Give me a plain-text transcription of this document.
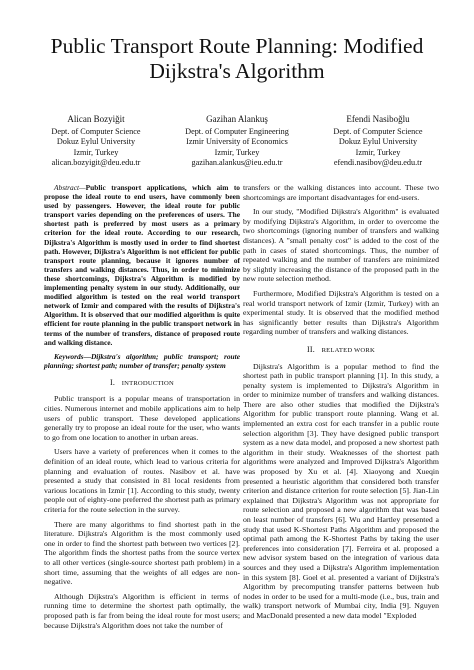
Public Transport Route Planning: Modified Dijkstra's Algorithm
Alican Bozyiğit
Dept. of Computer Science
Dokuz Eylul University
Izmir, Turkey
alican.bozyigit@deu.edu.tr
Gazihan Alankuş
Dept. of Computer Engineering
Izmir University of Economics
Izmir, Turkey
gazihan.alankus@ieu.edu.tr
Efendi Nasiboğlu
Dept. of Computer Science
Dokuz Eylul University
Izmir, Turkey
efendi.nasibov@deu.edu.tr

Abstract—Public transport applications, which aim to propose the ideal route to end users, have commonly been used by passengers. However, the ideal route for public transport varies depending on the preferences of users. The shortest path is preferred by most users as a primary criterion for the ideal route. According to our research, Dijkstra's Algorithm is mostly used in order to find shortest path. However, Dijkstra's Algorithm is not efficient for public transport route planning, because it ignores number of transfers and walking distances. Thus, in order to minimize these shortcomings, Dijkstra's Algorithm is modified by implementing penalty system in our study. Additionally, our modified algorithm is tested on the real world transport network of Izmir and compared with the results of Dijkstra's Algorithm. It is observed that our modified algorithm is quite efficient for route planning in the public transport network in terms of the number of transfers, distance of proposed route and walking distance.

Keywords—Dijkstra's algorithm; public transport; route planning; shortest path; number of transfer; penalty system

I. INTRODUCTION

Public transport is a popular means of transportation in cities. Numerous internet and mobile applications aim to help users of public transport. These developed applications generally try to propose an ideal route for the user, who wants to go from one location to another in urban areas.

Users have a variety of preferences when it comes to the definition of an ideal route, which lead to various criteria for planning and evaluation of routes. Nasibov et al. have presented a study that consisted in 81 local residents from various locations in Izmir [1]. According to this study, twenty people out of eighty-one preferred the shortest path as primary criteria for the route selection in the survey.

There are many algorithms to find shortest path in the literature. Dijkstra's Algorithm is the most commonly used one in order to find the shortest path between two vertices [2]. The algorithm finds the shortest paths from the source vertex to all other vertices (single-source shortest path problem) in a short time, assuming that the weights of all edges are non-negative.

Although Dijkstra's Algorithm is efficient in terms of running time to determine the shortest path optimally, the proposed path is far from being the ideal route for most users; because Dijkstra's Algorithm does not take the number of

transfers or the walking distances into account. These two shortcomings are important disadvantages for end-users.

In our study, "Modified Dijkstra's Algorithm" is evaluated by modifying Dijkstra's Algorithm, in order to overcome the two shortcomings (ignoring number of transfers and walking distances). A "small penalty cost" is added to the cost of the path in cases of stated shortcomings. Thus, the number of repeated walking and the number of transfers are minimized by slightly increasing the distance of the proposed path in the new route selection method.

Furthermore, Modified Dijkstra's Algorithm is tested on a real world transport network of Izmir (Izmir, Turkey) with an experimental study. It is observed that the modified method has significantly better results than Dijkstra's Algorithm regarding number of transfers and walking distances.

II. RELATED WORK

Dijkstra's Algorithm is a popular method to find the shortest path in public transport planning [1]. In this study, a penalty system is implemented to Dijkstra's Algorithm in order to minimize number of transfers and walking distances. There are also other studies that modified the Dijkstra's Algorithm for public transport route planning. Wang et al. implemented an extra cost for each transfer in a public route selection algorithm [3]. They have designed public transport system as a new data model, and proposed a new shortest path algorithm in their study. Weaknesses of the shortest path algorithms were analyzed and Improved Dijkstra's Algorithm was proposed by Xu et al. [4]. Xiaoyong and Xueqin presented a heuristic algorithm that considered both transfer criterion and distance criterion for route selection [5]. Jian-Lin explained that Dijkstra's Algorithm was not appropriate for route selection and proposed a new algorithm that was based on least number of transfers [6]. Wu and Hartley presented a study that used K-Shortest Paths Algorithm and proposed the optimal path among the K-Shortest Paths by taking the user preferences into consideration [7]. Ferreira et al. proposed a new advisor system based on the integration of various data sources and they used a Dijkstra's Algorithm implementation in this system [8]. Goel et al. presented a variant of Dijkstra's Algorithm by precomputing transfer patterns between hub nodes in order to be used for a multi-mode (i.e., bus, train and walk) transport network of Mumbai city, India [9]. Nguyen and MacDonald presented a new data model "Exploded
